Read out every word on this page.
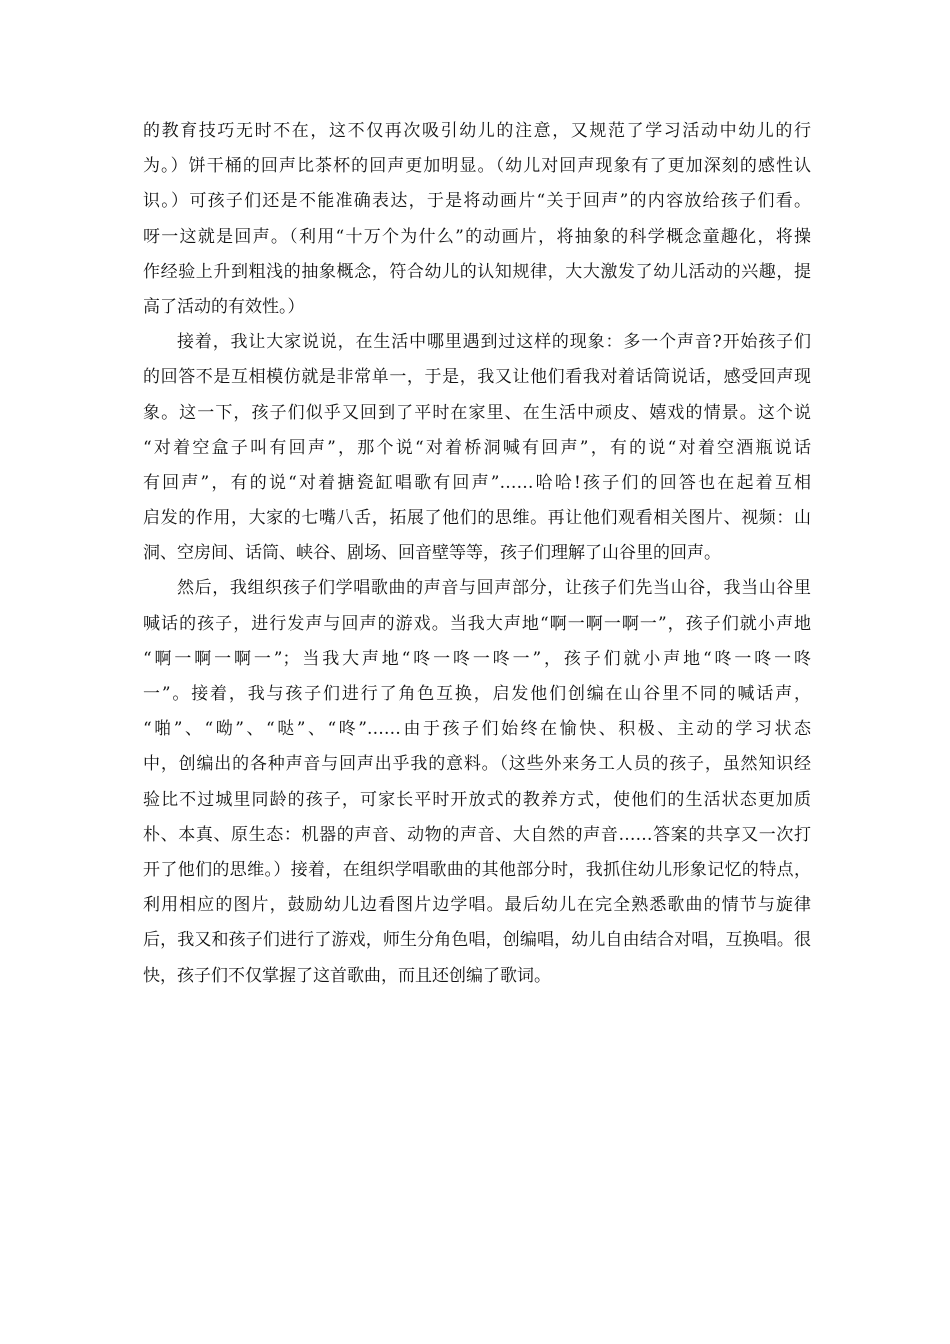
的教育技巧无时不在，这不仅再次吸引幼儿的注意，又规范了学习活动中幼儿的行
为。）饼干桶的回声比茶杯的回声更加明显。（幼儿对回声现象有了更加深刻的感性认
识。）可孩子们还是不能准确表达，于是将动画片“关于回声”的内容放给孩子们看。
呀一这就是回声。（利用“十万个为什么”的动画片，将抽象的科学概念童趣化，将操
作经验上升到粗浅的抽象概念，符合幼儿的认知规律，大大激发了幼儿活动的兴趣，提
高了活动的有效性。）
接着，我让大家说说，在生活中哪里遇到过这样的现象：多一个声音?开始孩子们
的回答不是互相模仿就是非常单一，于是，我又让他们看我对着话筒说话，感受回声现
象。这一下，孩子们似乎又回到了平时在家里、在生活中顽皮、嬉戏的情景。这个说
“对着空盒子叫有回声”，那个说“对着桥洞喊有回声”，有的说“对着空酒瓶说话
有回声”，有的说“对着搪瓷缸唱歌有回声”……哈哈!孩子们的回答也在起着互相
启发的作用，大家的七嘴八舌，拓展了他们的思维。再让他们观看相关图片、视频：山
洞、空房间、话筒、峡谷、剧场、回音壁等等，孩子们理解了山谷里的回声。
然后，我组织孩子们学唱歌曲的声音与回声部分，让孩子们先当山谷，我当山谷里
喊话的孩子，进行发声与回声的游戏。当我大声地“啊一啊一啊一”，孩子们就小声地
“啊一啊一啊一”；当我大声地“咚一咚一咚一”，孩子们就小声地“咚一咚一咚
一”。接着，我与孩子们进行了角色互换，启发他们创编在山谷里不同的喊话声，
“啪”、“呦”、“哒”、“咚”……由于孩子们始终在愉快、积极、主动的学习状态
中，创编出的各种声音与回声出乎我的意料。（这些外来务工人员的孩子，虽然知识经
验比不过城里同龄的孩子，可家长平时开放式的教养方式，使他们的生活状态更加质
朴、本真、原生态：机器的声音、动物的声音、大自然的声音……答案的共享又一次打
开了他们的思维。）接着，在组织学唱歌曲的其他部分时，我抓住幼儿形象记忆的特点，
利用相应的图片，鼓励幼儿边看图片边学唱。最后幼儿在完全熟悉歌曲的情节与旋律
后，我又和孩子们进行了游戏，师生分角色唱，创编唱，幼儿自由结合对唱，互换唱。很
快，孩子们不仅掌握了这首歌曲，而且还创编了歌词。
